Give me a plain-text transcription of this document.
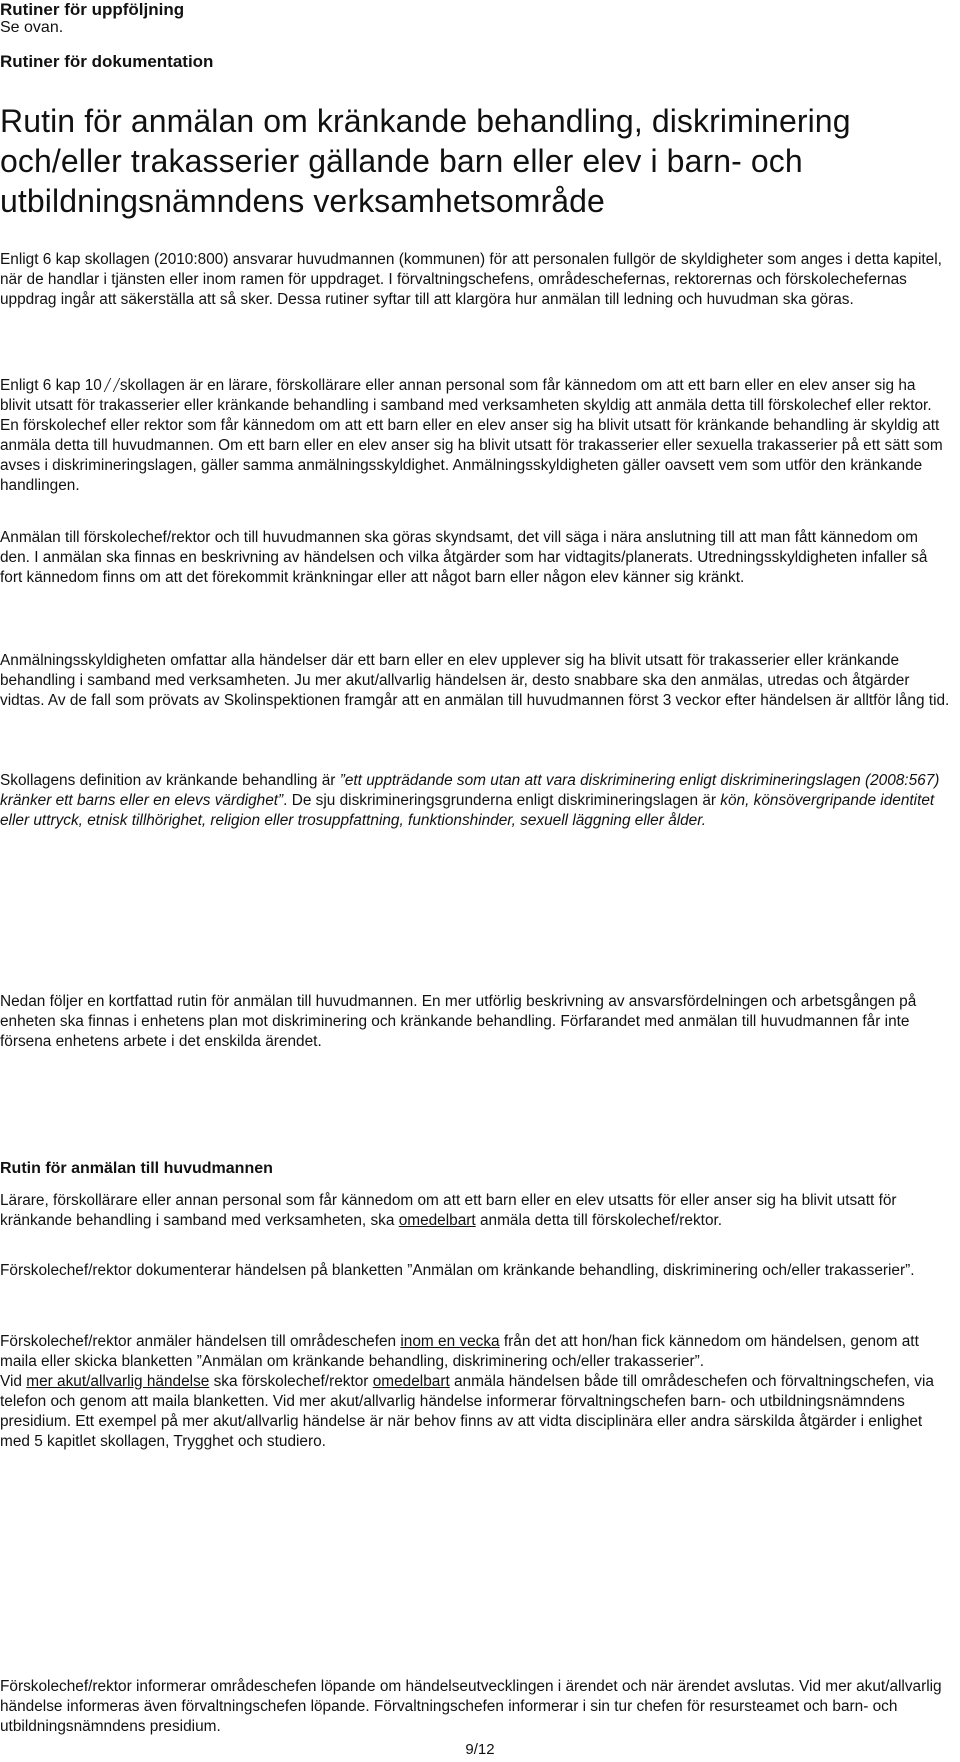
Rutiner för uppföljning

Se ovan.

Rutiner för dokumentation
Rutin för anmälan om kränkande behandling, diskriminering
och/eller trakasserier gällande barn eller elev i barn- och
utbildningsnämndens verksamhetsområde

Enligt 6 kap skollagen (2010:800) ansvarar huvudmannen (kommunen) för att personalen fullgör de skyldigheter som anges i detta kapitel, när de handlar i tjänsten eller inom ramen för uppdraget. I förvaltningschefens, områdeschefernas, rektorernas och förskolechefernas uppdrag ingår att säkerställa att så sker. Dessa rutiner syftar till att klargöra hur anmälan till ledning och huvudman ska göras.

Enligt 6 kap 10 skollagen är en lärare, förskollärare eller annan personal som får kännedom om att ett barn eller en elev anser sig ha blivit utsatt för trakasserier eller kränkande behandling i samband med verksamheten skyldig att anmäla detta till förskolechef eller rektor. En förskolechef eller rektor som får kännedom om att ett barn eller en elev anser sig ha blivit utsatt för kränkande behandling är skyldig att anmäla detta till huvudmannen. Om ett barn eller en elev anser sig ha blivit utsatt för trakasserier eller sexuella trakasserier på ett sätt som avses i diskrimineringslagen, gäller samma anmälningsskyldighet. Anmälningsskyldigheten gäller oavsett vem som utför den kränkande handlingen.

Anmälan till förskolechef/rektor och till huvudmannen ska göras skyndsamt, det vill säga i nära anslutning till att man fått kännedom om den. I anmälan ska finnas en beskrivning av händelsen och vilka åtgärder som har vidtagits/planerats. Utredningsskyldigheten infaller så fort kännedom finns om att det förekommit kränkningar eller att något barn eller någon elev känner sig kränkt.

Anmälningsskyldigheten omfattar alla händelser där ett barn eller en elev upplever sig ha blivit utsatt för trakasserier eller kränkande behandling i samband med verksamheten. Ju mer akut/allvarlig händelsen är, desto snabbare ska den anmälas, utredas och åtgärder vidtas. Av de fall som prövats av Skolinspektionen framgår att en anmälan till huvudmannen först 3 veckor efter händelsen är alltför lång tid.

Skollagens definition av kränkande behandling är ”ett uppträdande som utan att vara diskriminering enligt diskrimineringslagen (2008:567) kränker ett barns eller en elevs värdighet”. De sju diskrimineringsgrunderna enligt diskrimineringslagen är kön, könsövergripande identitet eller uttryck, etnisk tillhörighet, religion eller trosuppfattning, funktionshinder, sexuell läggning eller ålder.

Nedan följer en kortfattad rutin för anmälan till huvudmannen. En mer utförlig beskrivning av ansvarsfördelningen och arbetsgången på enheten ska finnas i enhetens plan mot diskriminering och kränkande behandling. Förfarandet med anmälan till huvudmannen får inte försena enhetens arbete i det enskilda ärendet.

Rutin för anmälan till huvudmannen

Lärare, förskollärare eller annan personal som får kännedom om att ett barn eller en elev utsatts för eller anser sig ha blivit utsatt för kränkande behandling i samband med verksamheten, ska omedelbart anmäla detta till förskolechef/rektor.

Förskolechef/rektor dokumenterar händelsen på blanketten ”Anmälan om kränkande behandling, diskriminering och/eller trakasserier”.

Förskolechef/rektor anmäler händelsen till områdeschefen inom en vecka från det att hon/han fick kännedom om händelsen, genom att maila eller skicka blanketten ”Anmälan om kränkande behandling, diskriminering och/eller trakasserier”.
Vid mer akut/allvarlig händelse ska förskolechef/rektor omedelbart anmäla händelsen både till områdeschefen och förvaltningschefen, via telefon och genom att maila blanketten. Vid mer akut/allvarlig händelse informerar förvaltningschefen barn- och utbildningsnämndens presidium. Ett exempel på mer akut/allvarlig händelse är när behov finns av att vidta disciplinära eller andra särskilda åtgärder i enlighet med 5 kapitlet skollagen, Trygghet och studiero.

Förskolechef/rektor informerar områdeschefen löpande om händelseutvecklingen i ärendet och när ärendet avslutas. Vid mer akut/allvarlig händelse informeras även förvaltningschefen löpande. Förvaltningschefen informerar i sin tur chefen för resursteamet och barn- och utbildningsnämndens presidium.

9/12
